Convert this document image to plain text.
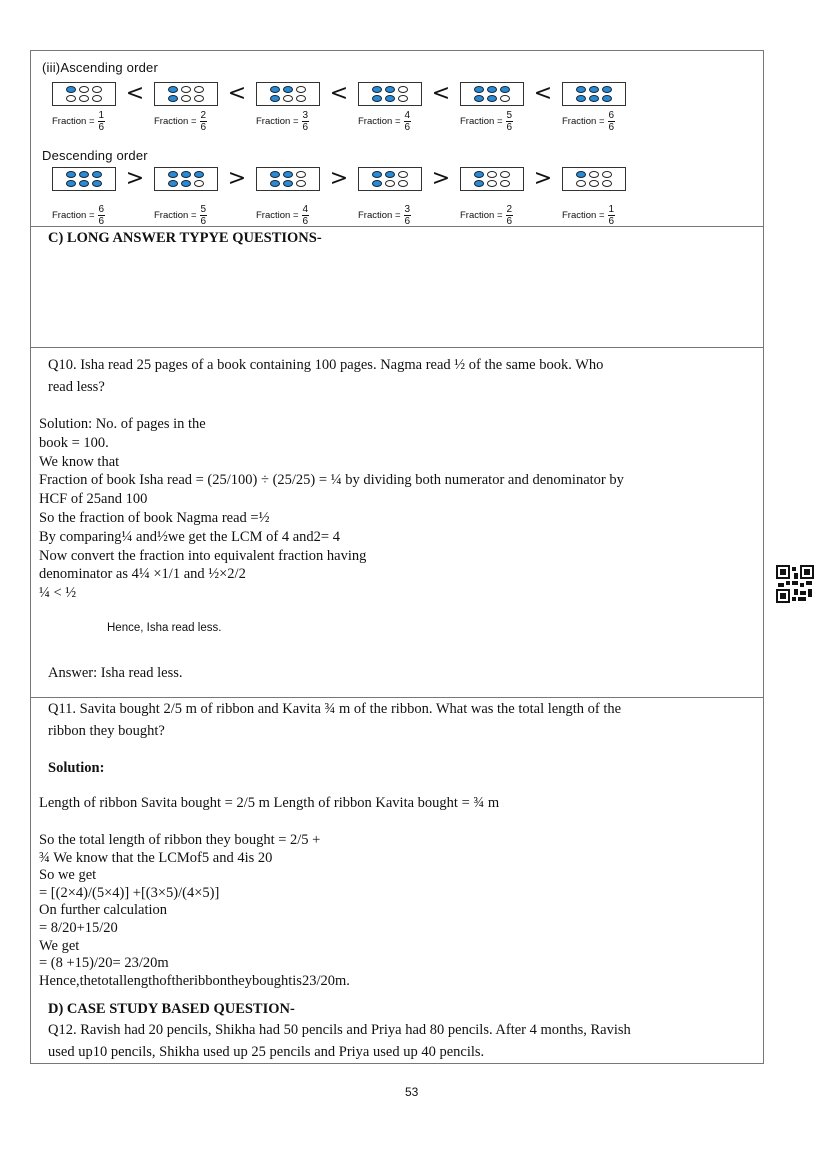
(iii)Ascending order
<	<	<	<	<
Fraction = $\frac{1}{6}$	Fraction = $\frac{2}{6}$	Fraction = $\frac{3}{6}$	Fraction = $\frac{4}{6}$	Fraction = $\frac{5}{6}$	Fraction = $\frac{6}{6}$
Descending order
>	>	>	>	>
Fraction = $\frac{6}{6}$	Fraction = $\frac{5}{6}$	Fraction = $\frac{4}{6}$	Fraction = $\frac{3}{6}$	Fraction = $\frac{2}{6}$	Fraction = $\frac{1}{6}$
C) LONG ANSWER TYPYE QUESTIONS-
Q10. Isha read 25 pages of a book containing 100 pages. Nagma read ½ of the same book. Who
read less?
Solution: No. of pages in the
book = 100.
We know that
Fraction of book Isha read = (25/100) ÷ (25/25) = ¼ by dividing both numerator and denominator by
HCF of 25and 100
So the fraction of book Nagma read =½
By comparing¼ and½we get the LCM of 4 and2= 4
Now convert the fraction into equivalent fraction having
denominator as 4¼ ×1/1 and ½×2/2
¼ < ½
Hence, Isha read less.
Answer: Isha read less.
Q11. Savita bought 2/5 m of ribbon and Kavita ¾ m of the ribbon. What was the total length of the
ribbon they bought?
Solution:
Length of ribbon Savita bought = 2/5 m Length of ribbon Kavita bought = ¾ m
So the total length of ribbon they bought = 2/5 +
¾ We know that the LCMof5 and 4is 20
So we get
= [(2×4)/(5×4)] +[(3×5)/(4×5)]
On further calculation
= 8/20+15/20
We get
= (8 +15)/20= 23/20m
Hence,thetotallengthoftheribbontheyboughtis23/20m.
D) CASE STUDY BASED QUESTION-
Q12. Ravish had 20 pencils, Shikha had 50 pencils and Priya had 80 pencils. After 4 months, Ravish
used up10 pencils, Shikha used up 25 pencils and Priya used up 40 pencils.
53
